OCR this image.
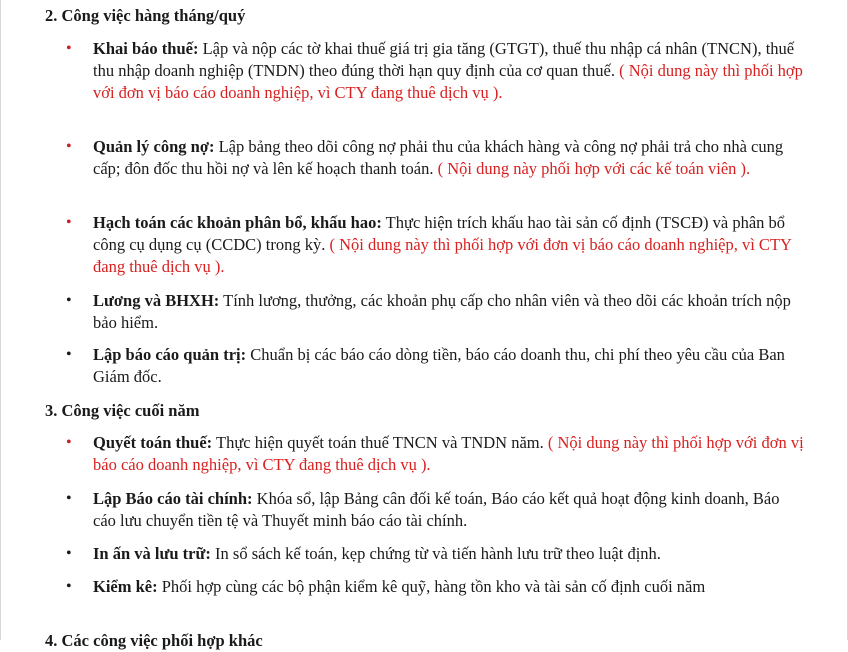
2. Công việc hàng tháng/quý
• Khai báo thuế: Lập và nộp các tờ khai thuế giá trị gia tăng (GTGT), thuế thu nhập cá nhân (TNCN), thuế thu nhập doanh nghiệp (TNDN) theo đúng thời hạn quy định của cơ quan thuế. ( Nội dung này thì phối hợp với đơn vị báo cáo doanh nghiệp, vì CTY đang thuê dịch vụ ).
• Quản lý công nợ: Lập bảng theo dõi công nợ phải thu của khách hàng và công nợ phải trả cho nhà cung cấp; đôn đốc thu hồi nợ và lên kế hoạch thanh toán. ( Nội dung này phối hợp với các kế toán viên ).
• Hạch toán các khoản phân bổ, khấu hao: Thực hiện trích khấu hao tài sản cố định (TSCĐ) và phân bổ công cụ dụng cụ (CCDC) trong kỳ. ( Nội dung này thì phối hợp với đơn vị báo cáo doanh nghiệp, vì CTY đang thuê dịch vụ ).
• Lương và BHXH: Tính lương, thưởng, các khoản phụ cấp cho nhân viên và theo dõi các khoản trích nộp bảo hiểm.
• Lập báo cáo quản trị: Chuẩn bị các báo cáo dòng tiền, báo cáo doanh thu, chi phí theo yêu cầu của Ban Giám đốc.
3. Công việc cuối năm
• Quyết toán thuế: Thực hiện quyết toán thuế TNCN và TNDN năm. ( Nội dung này thì phối hợp với đơn vị báo cáo doanh nghiệp, vì CTY đang thuê dịch vụ ).
• Lập Báo cáo tài chính: Khóa sổ, lập Bảng cân đối kế toán, Báo cáo kết quả hoạt động kinh doanh, Báo cáo lưu chuyển tiền tệ và Thuyết minh báo cáo tài chính.
• In ấn và lưu trữ: In sổ sách kế toán, kẹp chứng từ và tiến hành lưu trữ theo luật định.
• Kiểm kê: Phối hợp cùng các bộ phận kiểm kê quỹ, hàng tồn kho và tài sản cố định cuối năm
4. Các công việc phối hợp khác
